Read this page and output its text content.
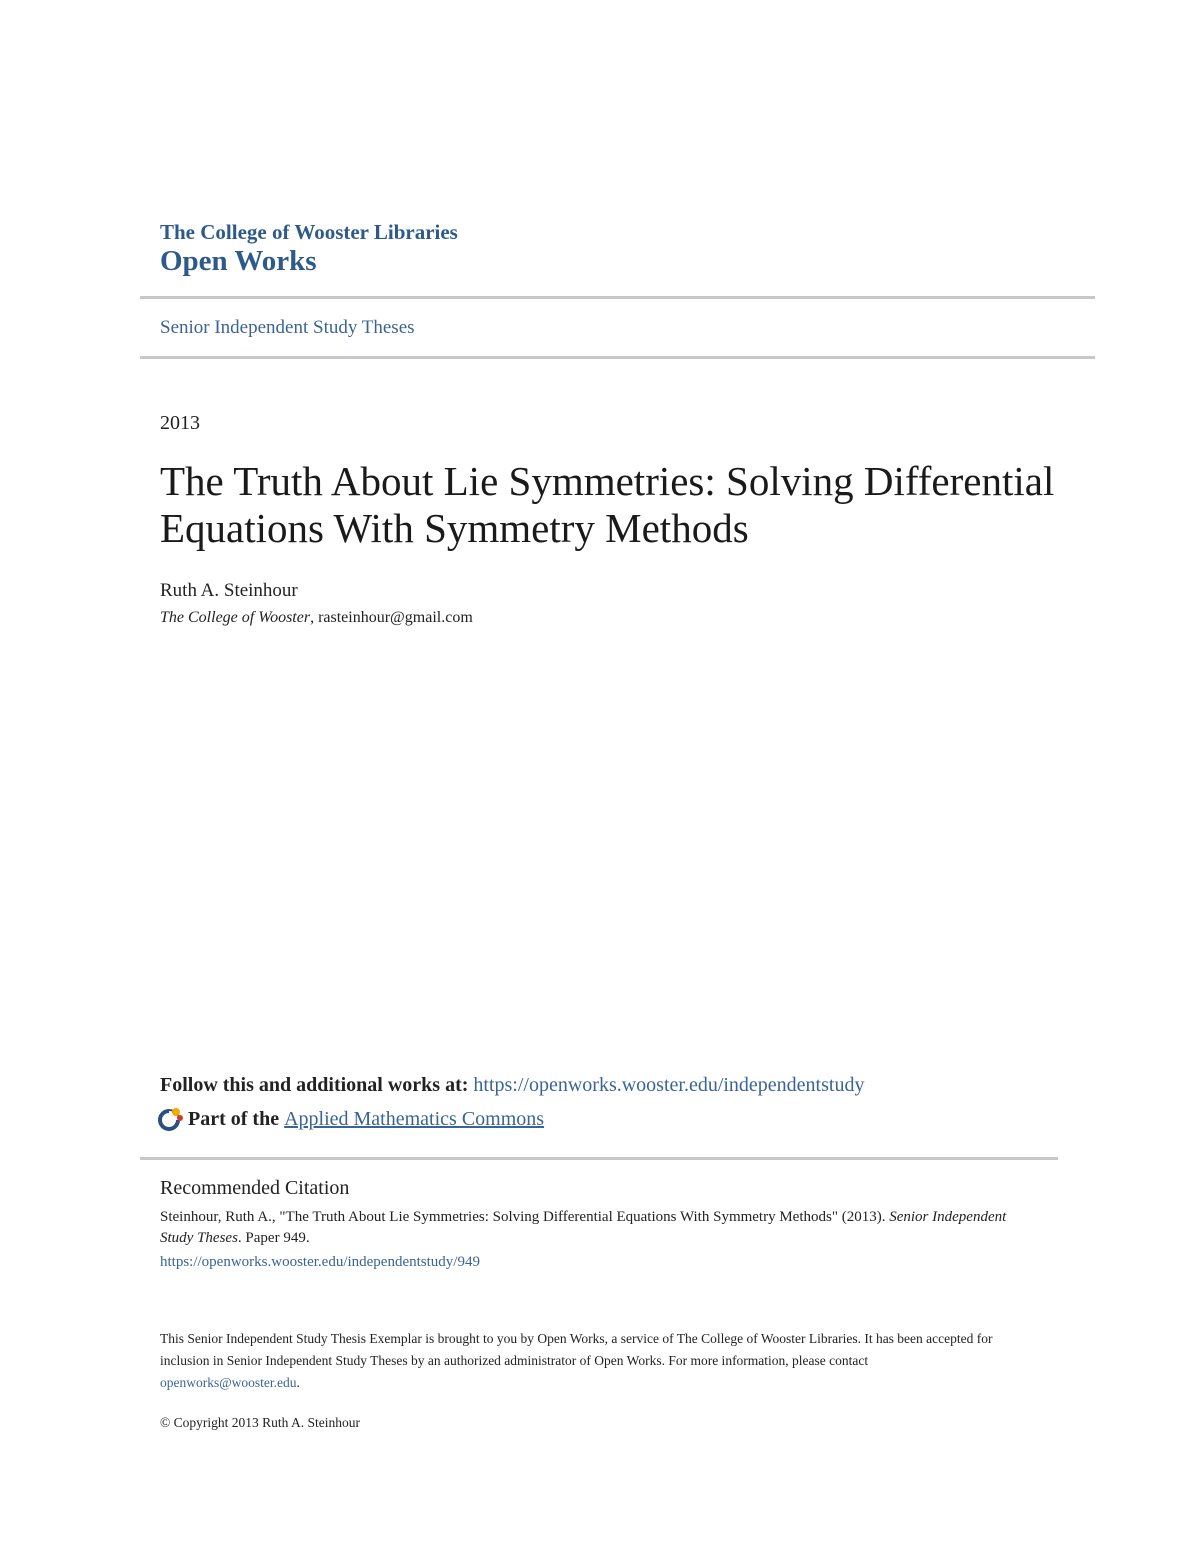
The College of Wooster Libraries
Open Works
Senior Independent Study Theses
2013
The Truth About Lie Symmetries: Solving Differential Equations With Symmetry Methods
Ruth A. Steinhour
The College of Wooster, rasteinhour@gmail.com
Follow this and additional works at: https://openworks.wooster.edu/independentstudy
Part of the
Applied Mathematics Commons
Recommended Citation
Steinhour, Ruth A., "The Truth About Lie Symmetries: Solving Differential Equations With Symmetry Methods" (2013). Senior Independent Study Theses. Paper 949.
https://openworks.wooster.edu/independentstudy/949
This Senior Independent Study Thesis Exemplar is brought to you by Open Works, a service of The College of Wooster Libraries. It has been accepted for inclusion in Senior Independent Study Theses by an authorized administrator of Open Works. For more information, please contact
openworks@wooster.edu.
© Copyright 2013 Ruth A. Steinhour
